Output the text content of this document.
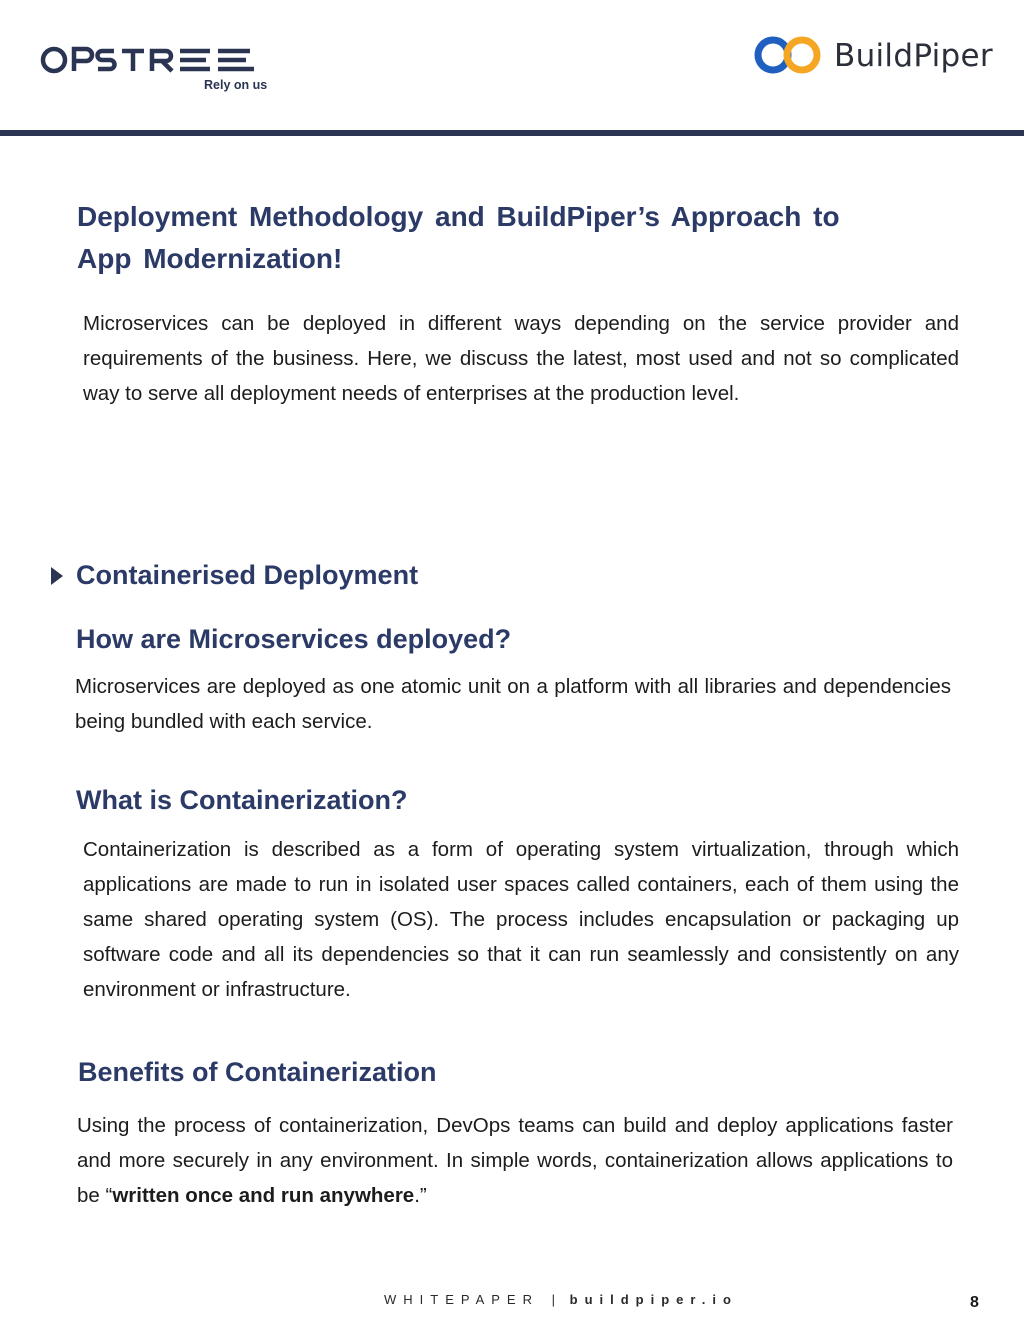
Rely on us
BuildPiper
Deployment Methodology and BuildPiper’s Approach to App Modernization!

Microservices can be deployed in different ways depending on the service provider and requirements of the business. Here, we discuss the latest, most used and not so complicated way to serve all deployment needs of enterprises at the production level.

Containerised Deployment
How are Microservices deployed?

Microservices are deployed as one atomic unit on a platform with all libraries and dependencies being bundled with each service.

What is Containerization?

Containerization is described as a form of operating system virtualization, through which applications are made to run in isolated user spaces called containers, each of them using the same shared operating system (OS). The process includes encapsulation or packaging up software code and all its dependencies so that it can run seamlessly and consistently on any environment or infrastructure.

Benefits of Containerization

Using the process of containerization, DevOps teams can build and deploy applications faster and more securely in any environment. In simple words, containerization allows applications to be “written once and run anywhere.”

WHITEPAPER | buildpiper.io	8
